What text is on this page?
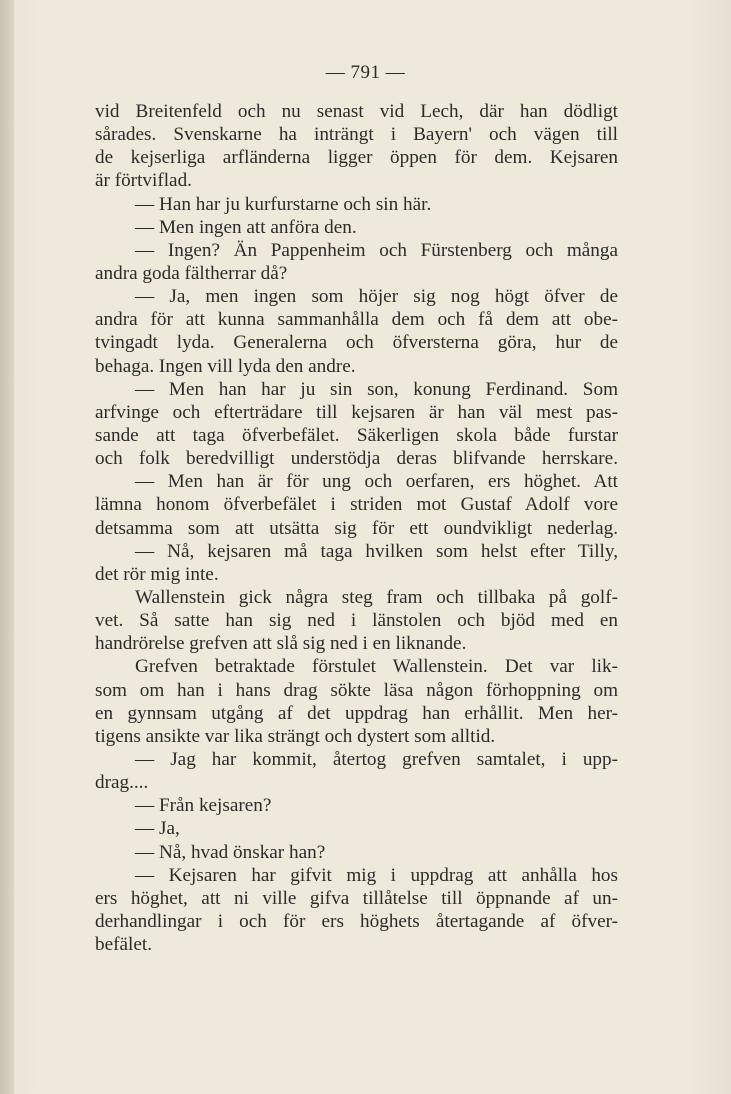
— 791 —
vid Breitenfeld och nu senast vid Lech, där han dödligt
sårades. Svenskarne ha inträngt i Bayern' och vägen till
de kejserliga arfländerna ligger öppen för dem. Kejsaren
är förtviflad.
— Han har ju kurfurstarne och sin här.
— Men ingen att anföra den.
— Ingen? Än Pappenheim och Fürstenberg och många
andra goda fältherrar då?
— Ja, men ingen som höjer sig nog högt öfver de
andra för att kunna sammanhålla dem och få dem att obe-
tvingadt lyda. Generalerna och öfversterna göra, hur de
behaga. Ingen vill lyda den andre.
— Men han har ju sin son, konung Ferdinand. Som
arfvinge och efterträdare till kejsaren är han väl mest pas-
sande att taga öfverbefälet. Säkerligen skola både furstar
och folk beredvilligt understödja deras blifvande herrskare.
— Men han är för ung och oerfaren, ers höghet. Att
lämna honom öfverbefälet i striden mot Gustaf Adolf vore
detsamma som att utsätta sig för ett oundvikligt nederlag.
— Nå, kejsaren må taga hvilken som helst efter Tilly,
det rör mig inte.
Wallenstein gick några steg fram och tillbaka på golf-
vet. Så satte han sig ned i länstolen och bjöd med en
handrörelse grefven att slå sig ned i en liknande.
Grefven betraktade förstulet Wallenstein. Det var lik-
som om han i hans drag sökte läsa någon förhoppning om
en gynnsam utgång af det uppdrag han erhållit. Men her-
tigens ansikte var lika strängt och dystert som alltid.
— Jag har kommit, återtog grefven samtalet, i upp-
drag....
— Från kejsaren?
— Ja,
— Nå, hvad önskar han?
— Kejsaren har gifvit mig i uppdrag att anhålla hos
ers höghet, att ni ville gifva tillåtelse till öppnande af un-
derhandlingar i och för ers höghets återtagande af öfver-
befälet.
